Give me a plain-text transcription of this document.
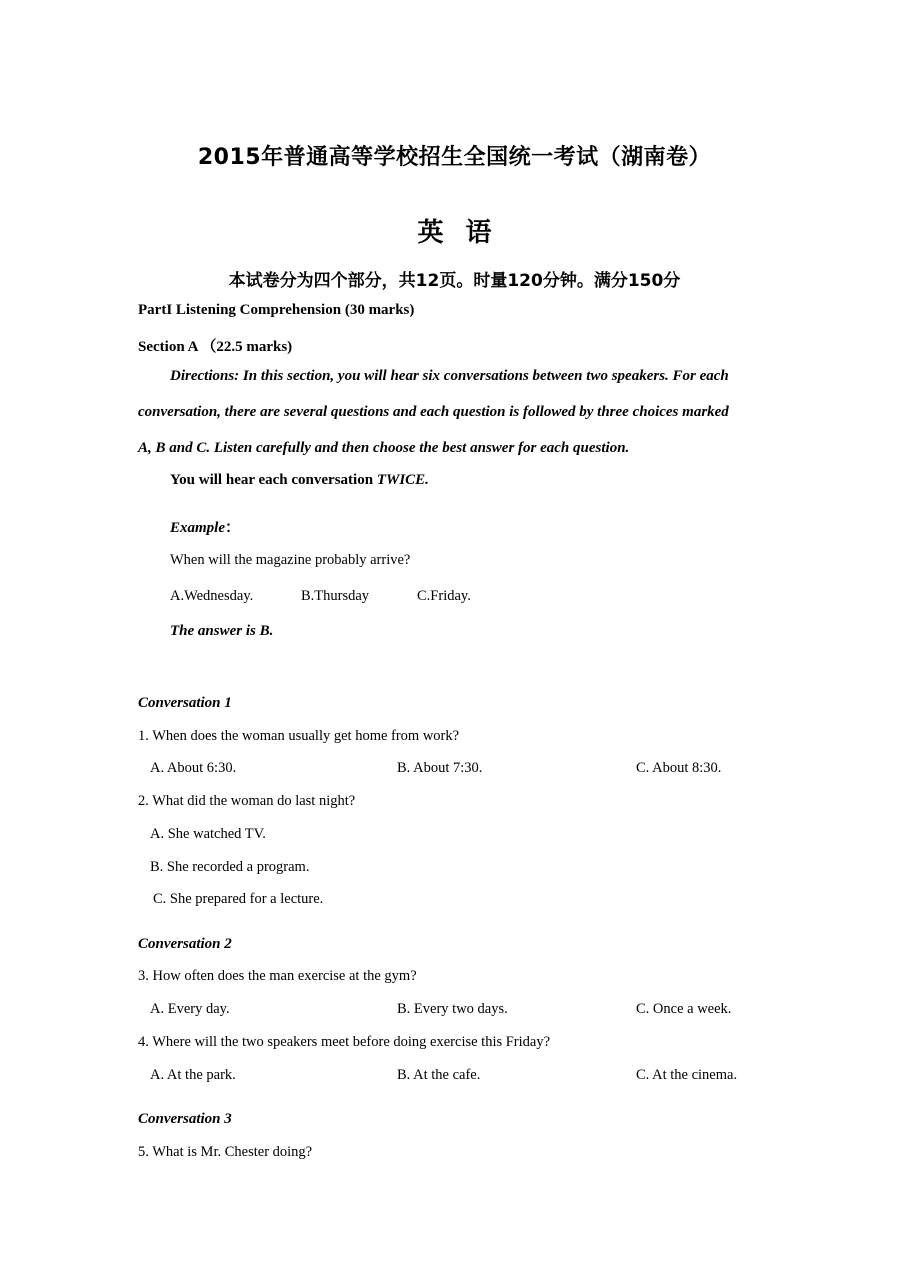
2015年普通高等学校招生全国统一考试（湖南卷）
英语
本试卷分为四个部分，共12页。时量120分钟。满分150分
PartI Listening Comprehension (30 marks)
Section A （22.5 marks)
Directions: In this section, you will hear six conversations between two speakers. For each
conversation, there are several questions and each question is followed by three choices marked
A, B and C. Listen carefully and then choose the best answer for each question.
You will hear each conversation TWICE.
Example：
When will the magazine probably arrive?
A.Wednesday.	B.Thursday	C.Friday.
The answer is B.
Conversation 1
1. When does the woman usually get home from work?
A. About 6:30.	B. About 7:30.	C. About 8:30.
2. What did the woman do last night?
A. She watched TV.
B. She recorded a program.
C. She prepared for a lecture.
Conversation 2
3. How often does the man exercise at the gym?
A. Every day.	B. Every two days.	C. Once a week.
4. Where will the two speakers meet before doing exercise this Friday?
A. At the park.	B. At the cafe.	C. At the cinema.
Conversation 3
5. What is Mr. Chester doing?
